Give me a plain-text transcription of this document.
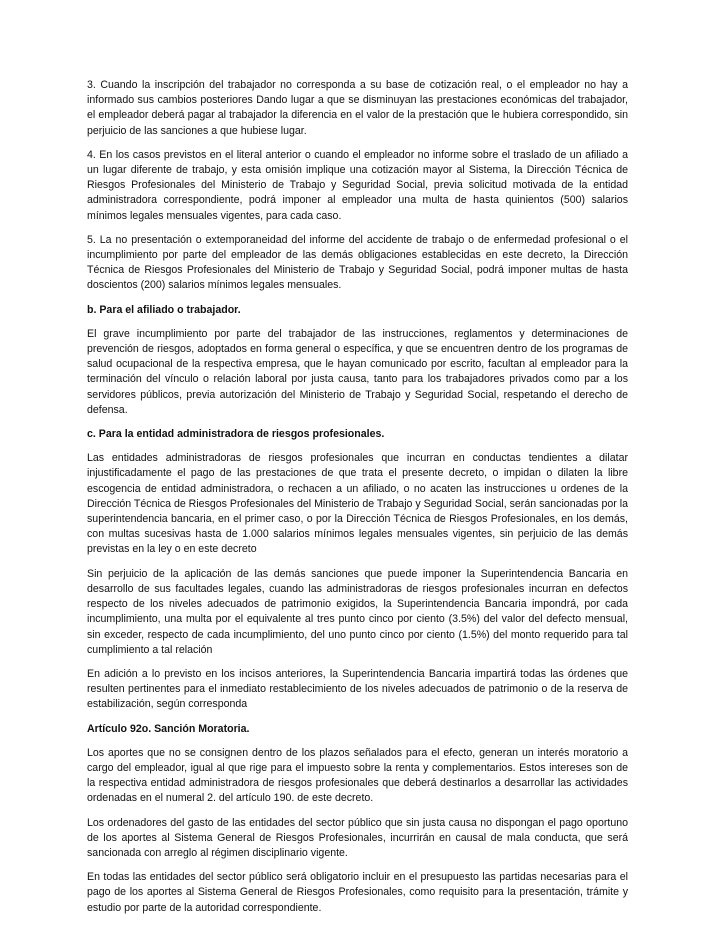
3. Cuando la inscripción del trabajador no corresponda a su base de cotización real, o el empleador no hay a informado sus cambios posteriores Dando lugar a que se disminuyan las prestaciones económicas del trabajador, el empleador deberá pagar al trabajador la diferencia en el valor de la prestación que le hubiera correspondido, sin perjuicio de las sanciones a que hubiese lugar.

4. En los casos previstos en el literal anterior o cuando el empleador no informe sobre el traslado de un afiliado a un lugar diferente de trabajo, y esta omisión implique una cotización mayor al Sistema, la Dirección Técnica de Riesgos Profesionales del Ministerio de Trabajo y Seguridad Social, previa solicitud motivada de la entidad administradora correspondiente, podrá imponer al empleador una multa de hasta quinientos (500) salarios mínimos legales mensuales vigentes, para cada caso.

5. La no presentación o extemporaneidad del informe del accidente de trabajo o de enfermedad profesional o el incumplimiento por parte del empleador de las demás obligaciones establecidas en este decreto, la Dirección Técnica de Riesgos Profesionales del Ministerio de Trabajo y Seguridad Social, podrá imponer multas de hasta doscientos (200) salarios mínimos legales mensuales.

b. Para el afiliado o trabajador.

El grave incumplimiento por parte del trabajador de las instrucciones, reglamentos y determinaciones de prevención de riesgos, adoptados en forma general o específica, y que se encuentren dentro de los programas de salud ocupacional de la respectiva empresa, que le hayan comunicado por escrito, facultan al empleador para la terminación del vínculo o relación laboral por justa causa, tanto para los trabajadores privados como par a los servidores públicos, previa autorización del Ministerio de Trabajo y Seguridad Social, respetando el derecho de defensa.

c. Para la entidad administradora de riesgos profesionales.

Las entidades administradoras de riesgos profesionales que incurran en conductas tendientes a dilatar injustificadamente el pago de las prestaciones de que trata el presente decreto, o impidan o dilaten la libre escogencia de entidad administradora, o rechacen a un afiliado, o no acaten las instrucciones u ordenes de la Dirección Técnica de Riesgos Profesionales del Ministerio de Trabajo y Seguridad Social, serán sancionadas por la superintendencia bancaria, en el primer caso, o por la Dirección Técnica de Riesgos Profesionales, en los demás, con multas sucesivas hasta de 1.000 salarios mínimos legales mensuales vigentes, sin perjuicio de las demás previstas en la ley o en este decreto

Sin perjuicio de la aplicación de las demás sanciones que puede imponer la Superintendencia Bancaria en desarrollo de sus facultades legales, cuando las administradoras de riesgos profesionales incurran en defectos respecto de los niveles adecuados de patrimonio exigidos, la Superintendencia Bancaria impondrá, por cada incumplimiento, una multa por el equivalente al tres punto cinco por ciento (3.5%) del valor del defecto mensual, sin exceder, respecto de cada incumplimiento, del uno punto cinco por ciento (1.5%) del monto requerido para tal cumplimiento a tal relación

En adición a lo previsto en los incisos anteriores, la Superintendencia Bancaria impartirá todas las órdenes que resulten pertinentes para el inmediato restablecimiento de los niveles adecuados de patrimonio o de la reserva de estabilización, según corresponda

Artículo 92o. Sanción Moratoria.

Los aportes que no se consignen dentro de los plazos señalados para el efecto, generan un interés moratorio a cargo del empleador, igual al que rige para el impuesto sobre la renta y complementarios. Estos intereses son de la respectiva entidad administradora de riesgos profesionales que deberá destinarlos a desarrollar las actividades ordenadas en el numeral 2. del artículo 190. de este decreto.

Los ordenadores del gasto de las entidades del sector público que sin justa causa no dispongan el pago oportuno de los aportes al Sistema General de Riesgos Profesionales, incurrirán en causal de mala conducta, que será sancionada con arreglo al régimen disciplinario vigente.

En todas las entidades del sector público será obligatorio incluir en el presupuesto las partidas necesarias para el pago de los aportes al Sistema General de Riesgos Profesionales, como requisito para la presentación, trámite y estudio por parte de la autoridad correspondiente.
